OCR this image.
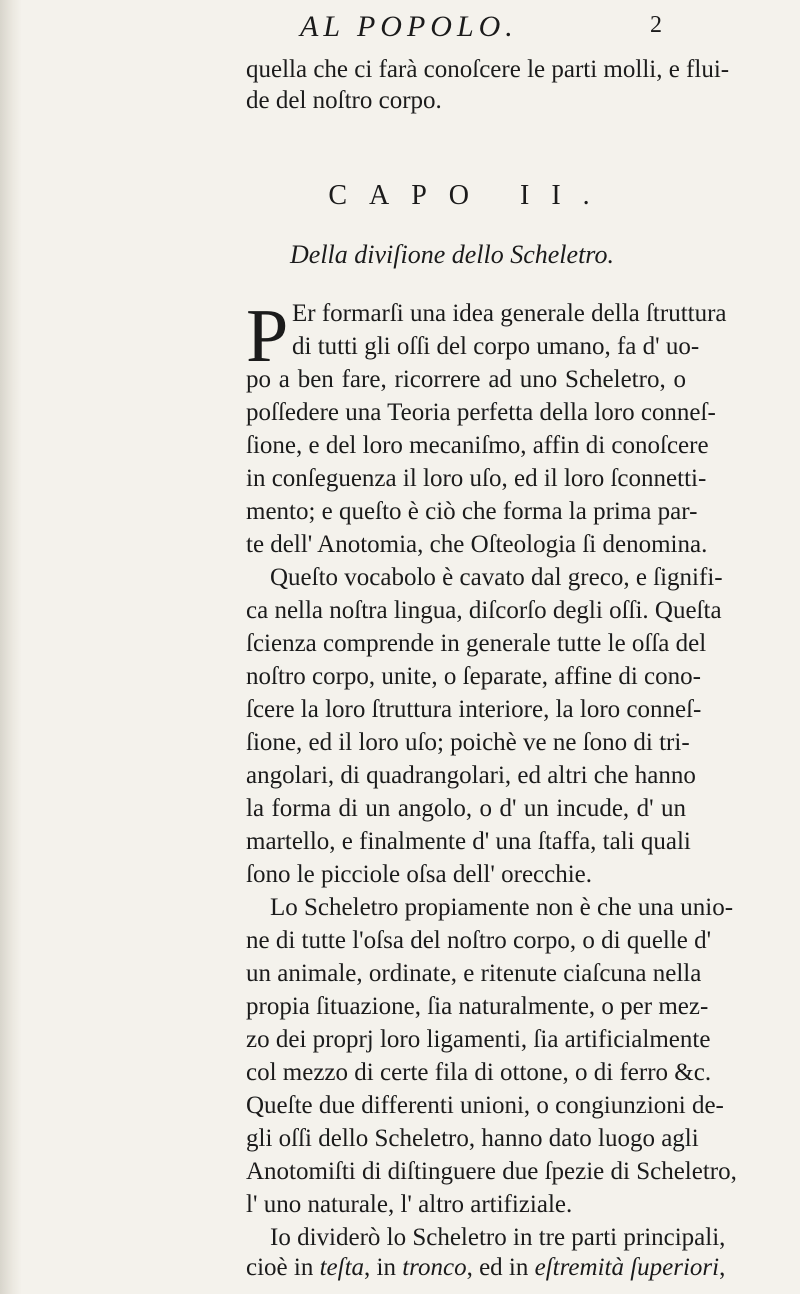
AL POPOLO.	2
quella che ci farà conoſcere le parti molli, e flui-
de del noſtro corpo.
CAPO II.
Della diviſione dello Scheletro.
P Er formarſi una idea generale della ſtruttura
di tutti gli oſſi del corpo umano, fa d' uo-
po a ben fare, ricorrere ad uno Scheletro, o
poſſedere una Teoria perfetta della loro conneſ-
ſione, e del loro mecaniſmo, affin di conoſcere
in conſeguenza il loro uſo, ed il loro ſconnetti-
mento; e queſto è ciò che forma la prima par-
te dell' Anotomia, che Oſteologia ſi denomina.
Queſto vocabolo è cavato dal greco, e ſignifi-
ca nella noſtra lingua, diſcorſo degli oſſi. Queſta
ſcienza comprende in generale tutte le oſſa del
noſtro corpo, unite, o ſeparate, affine di cono-
ſcere la loro ſtruttura interiore, la loro conneſ-
ſione, ed il loro uſo; poichè ve ne ſono di tri-
angolari, di quadrangolari, ed altri che hanno
la forma di un angolo, o d' un incude, d' un
martello, e finalmente d' una ſtaffa, tali quali
ſono le picciole oſsa dell' orecchie.
Lo Scheletro propiamente non è che una unio-
ne di tutte l'oſsa del noſtro corpo, o di quelle d'
un animale, ordinate, e ritenute ciaſcuna nella
propia ſituazione, ſia naturalmente, o per mez-
zo dei proprj loro ligamenti, ſia artificialmente
col mezzo di certe fila di ottone, o di ferro &c.
Queſte due differenti unioni, o congiunzioni de-
gli oſſi dello Scheletro, hanno dato luogo agli
Anotomiſti di diſtinguere due ſpezie di Scheletro,
l' uno naturale, l' altro artifiziale.
Io dividerò lo Scheletro in tre parti principali,
cioè in teſta, in tronco, ed in eſtremità ſuperiori,
